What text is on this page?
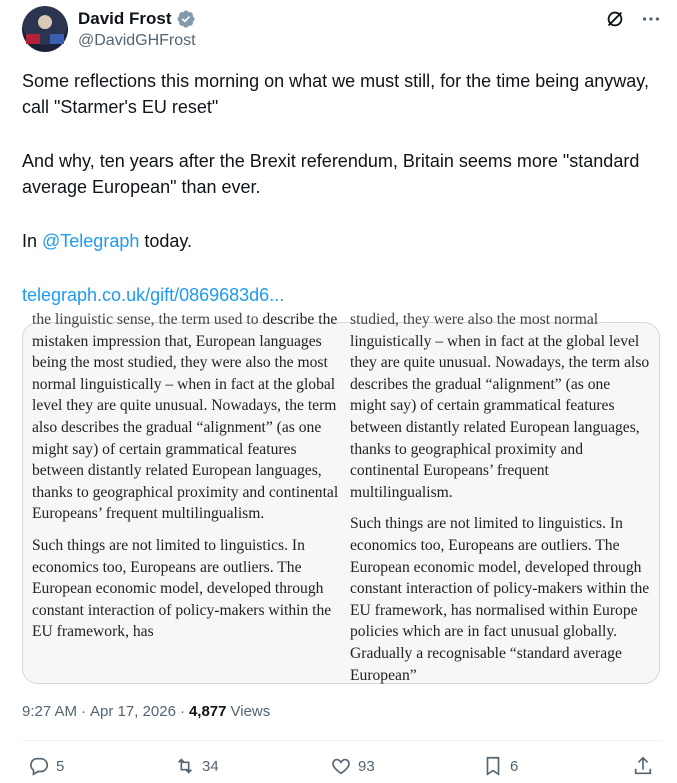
David Frost
@DavidGHFrost

Some reflections this morning on what we must still, for the time being anyway, call "Starmer's EU reset"

And why, ten years after the Brexit referendum, Britain seems more "standard average European" than ever.

In @Telegraph today.

telegraph.co.uk/gift/0869683d6...

the linguistic sense, the term used to describe the mistaken impression that, European languages being the most studied, they were also the most normal linguistically – when in fact at the global level they are quite unusual. Nowadays, the term also describes the gradual “alignment” (as one might say) of certain grammatical features between distantly related European languages, thanks to geographical proximity and continental Europeans’ frequent multilingualism.

Such things are not limited to linguistics. In economics too, Europeans are outliers. The European economic model, developed through constant interaction of policy-makers within the EU framework, has

studied, they were also the most normal linguistically – when in fact at the global level they are quite unusual. Nowadays, the term also describes the gradual “alignment” (as one might say) of certain grammatical features between distantly related European languages, thanks to geographical proximity and continental Europeans’ frequent multilingualism.

Such things are not limited to linguistics. In economics too, Europeans are outliers. The European economic model, developed through constant interaction of policy-makers within the EU framework, has normalised within Europe policies which are in fact unusual globally. Gradually a recognisable “standard average European”

9:27 AM · Apr 17, 2026 · 4,877 Views
5	34	93	6
